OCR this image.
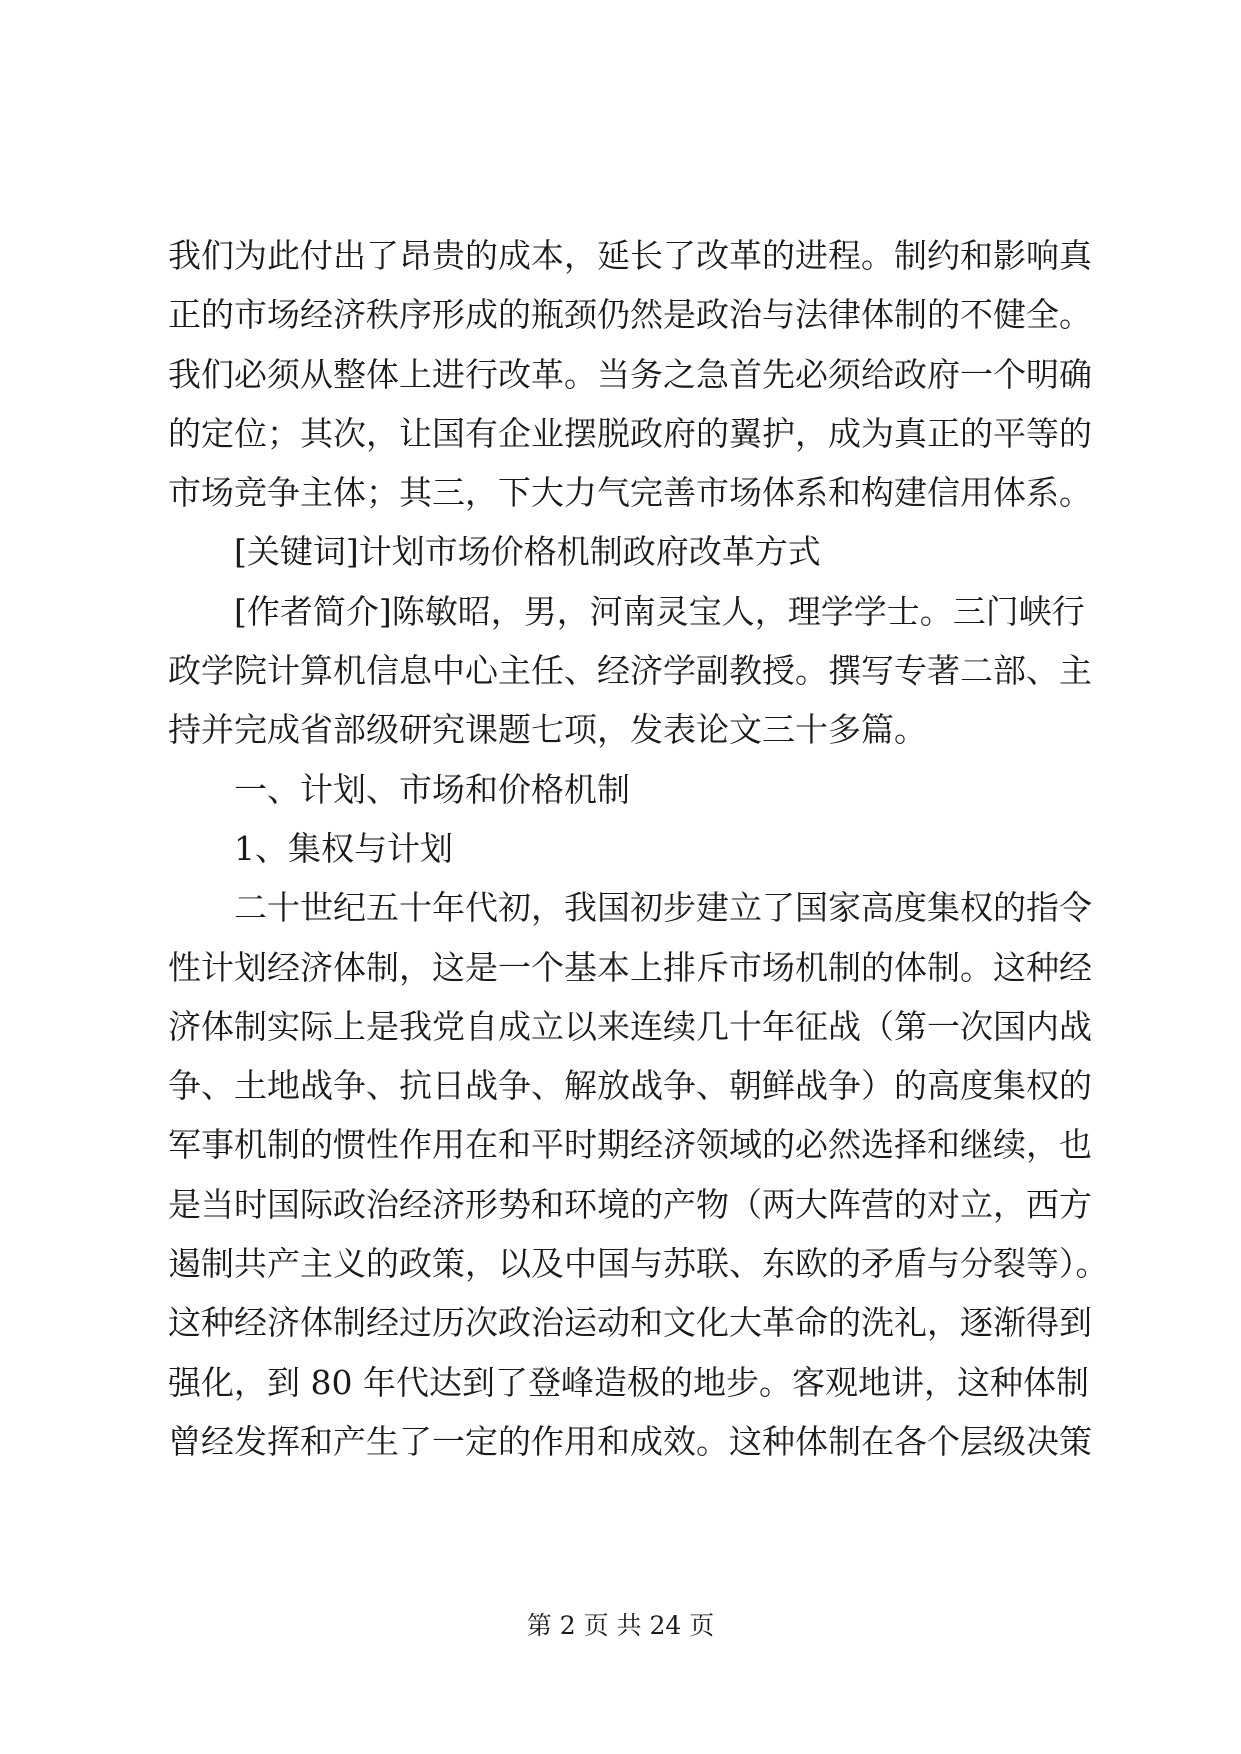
我们为此付出了昂贵的成本，延长了改革的进程。制约和影响真
正的市场经济秩序形成的瓶颈仍然是政治与法律体制的不健全。
我们必须从整体上进行改革。当务之急首先必须给政府一个明确
的定位；其次，让国有企业摆脱政府的翼护，成为真正的平等的
市场竞争主体；其三，下大力气完善市场体系和构建信用体系。
[关键词]计划市场价格机制政府改革方式
[作者简介]陈敏昭，男，河南灵宝人，理学学士。三门峡行
政学院计算机信息中心主任、经济学副教授。撰写专著二部、主
持并完成省部级研究课题七项，发表论文三十多篇。
一、计划、市场和价格机制
1、集权与计划
二十世纪五十年代初，我国初步建立了国家高度集权的指令
性计划经济体制，这是一个基本上排斥市场机制的体制。这种经
济体制实际上是我党自成立以来连续几十年征战（第一次国内战
争、土地战争、抗日战争、解放战争、朝鲜战争）的高度集权的
军事机制的惯性作用在和平时期经济领域的必然选择和继续，也
是当时国际政治经济形势和环境的产物（两大阵营的对立，西方
遏制共产主义的政策，以及中国与苏联、东欧的矛盾与分裂等）。
这种经济体制经过历次政治运动和文化大革命的洗礼，逐渐得到
强化，到 80 年代达到了登峰造极的地步。客观地讲，这种体制
曾经发挥和产生了一定的作用和成效。这种体制在各个层级决策
第 2 页 共 24 页
